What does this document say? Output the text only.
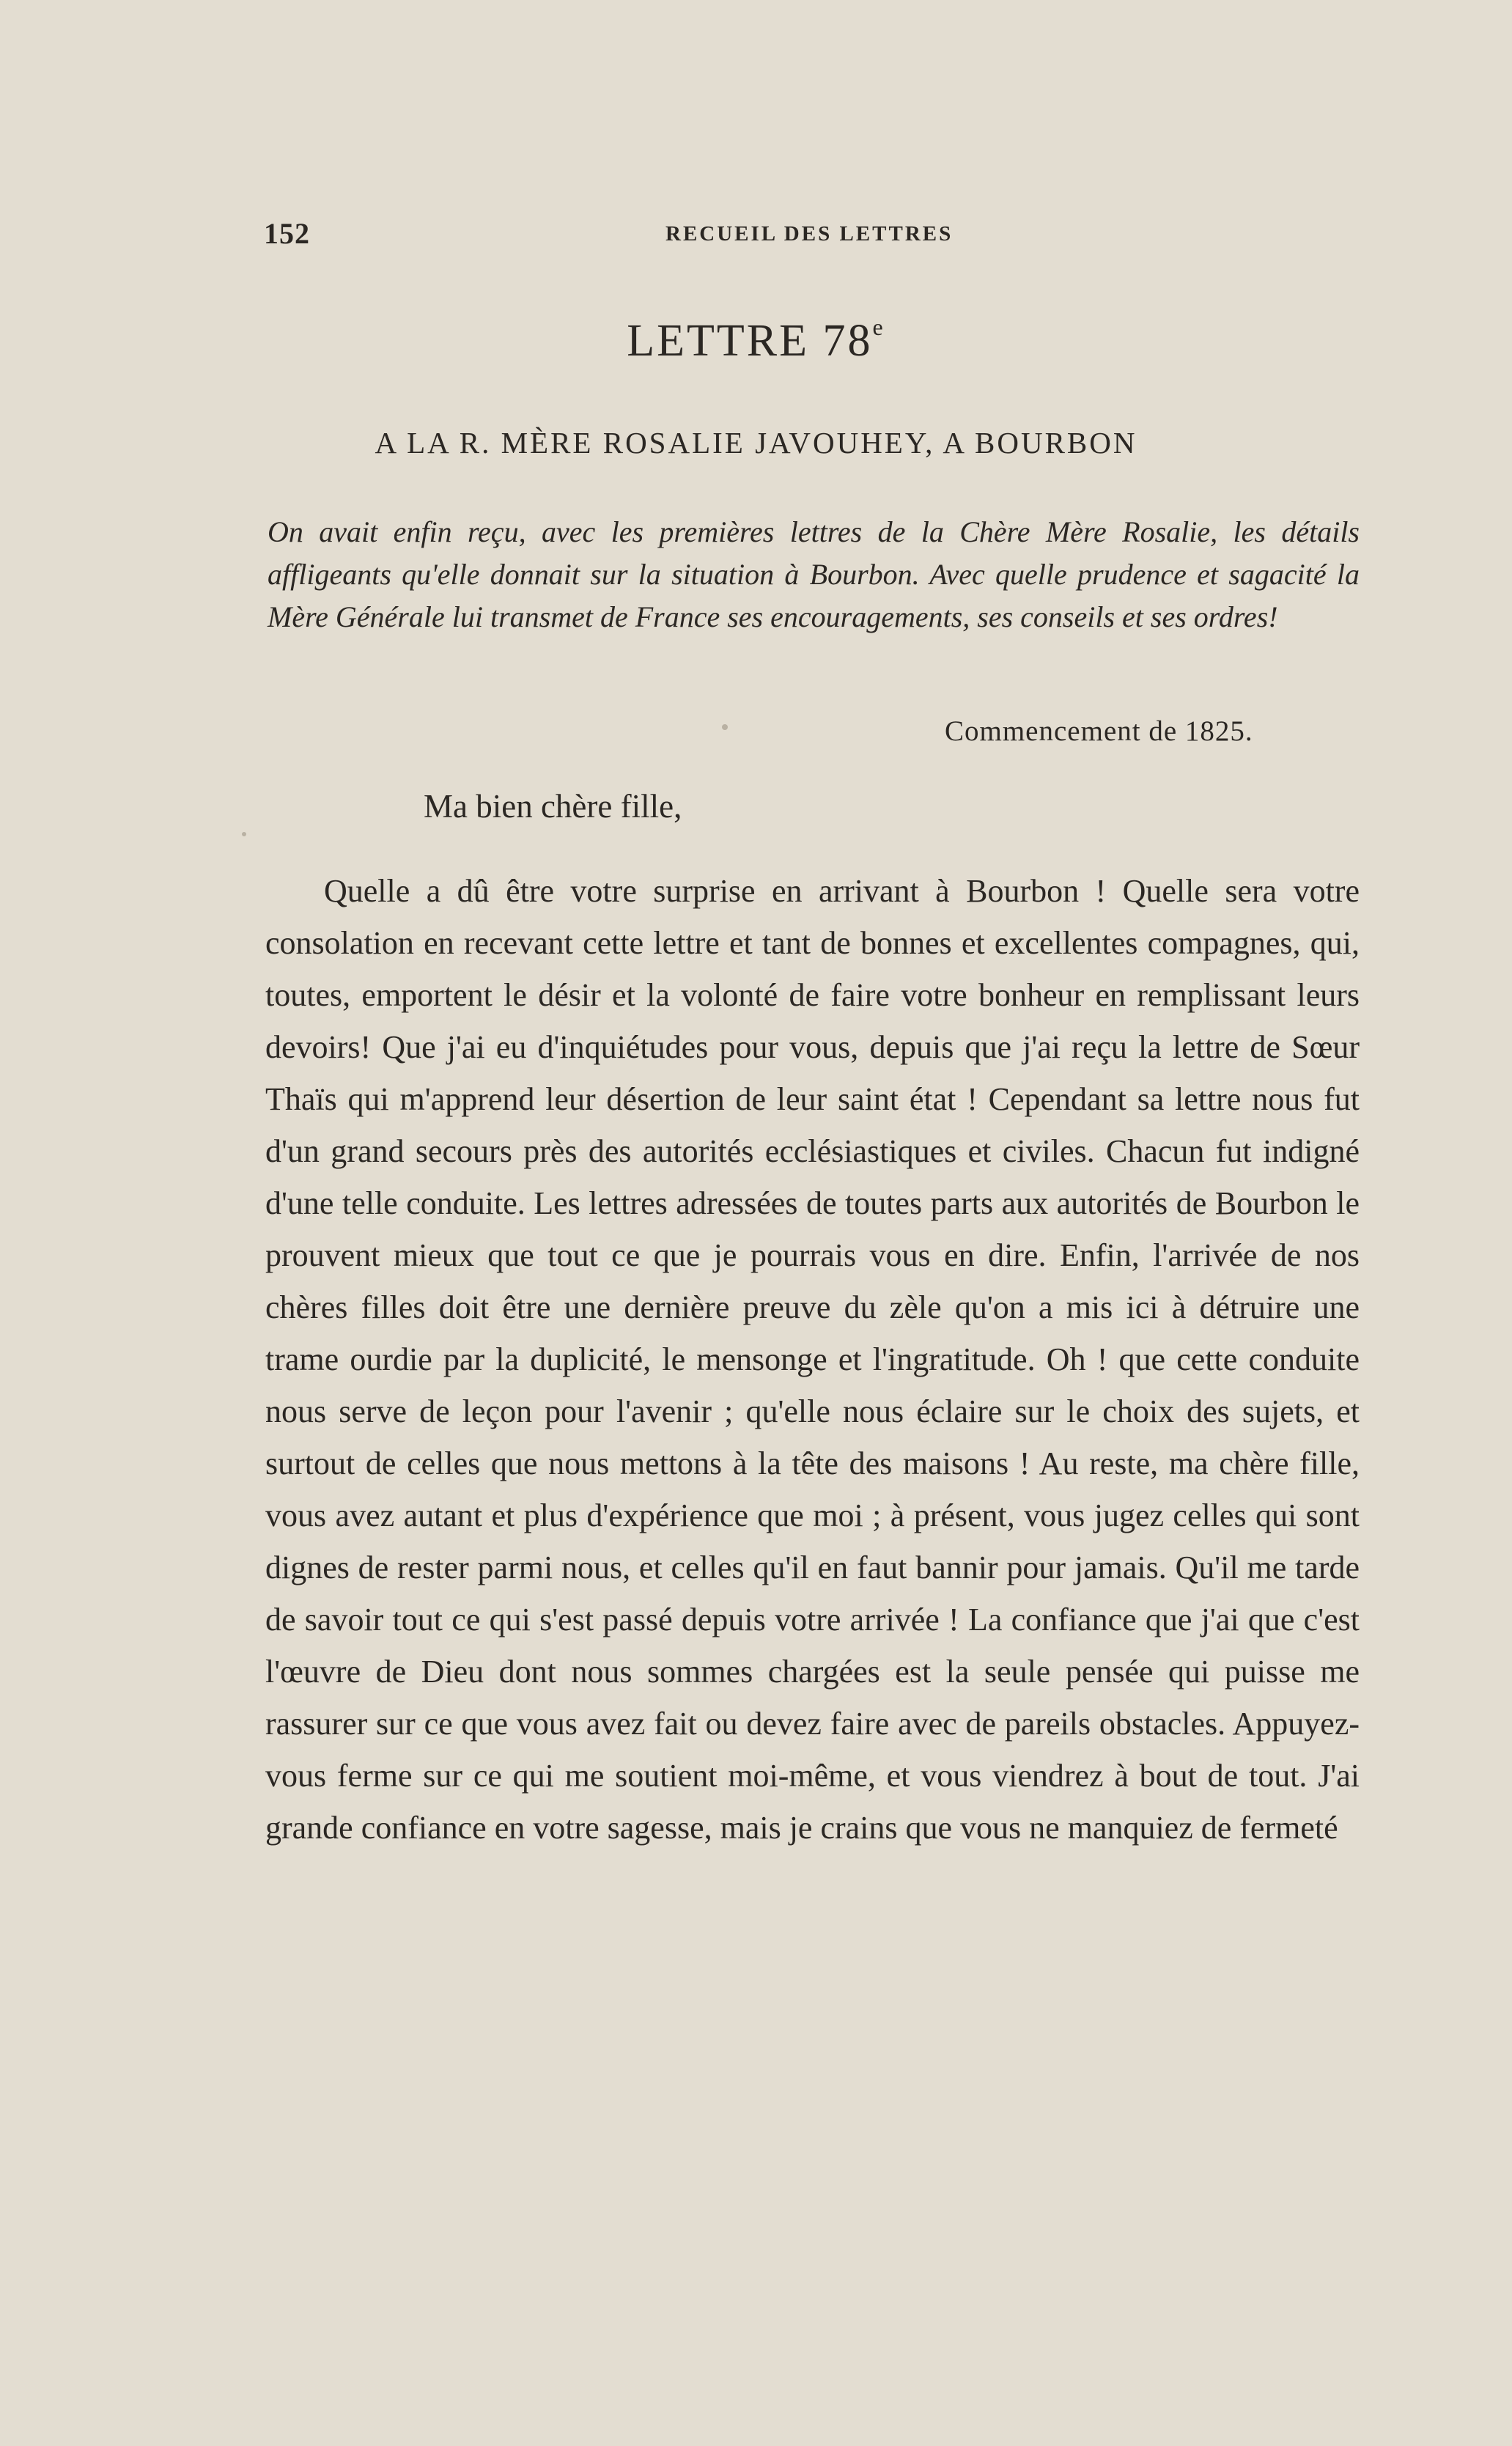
152	RECUEIL DES LETTRES
LETTRE 78e
A LA R. MÈRE ROSALIE JAVOUHEY, A BOURBON

On avait enfin reçu, avec les premières lettres de la Chère Mère Rosalie, les détails affligeants qu'elle donnait sur la situation à Bourbon. Avec quelle prudence et sagacité la Mère Générale lui transmet de France ses encouragements, ses conseils et ses ordres!

Commencement de 1825.
Ma bien chère fille,

Quelle a dû être votre surprise en arrivant à Bourbon ! Quelle sera votre consolation en recevant cette lettre et tant de bonnes et excellentes compagnes, qui, toutes, emportent le désir et la volonté de faire votre bonheur en remplissant leurs devoirs! Que j'ai eu d'inquiétudes pour vous, depuis que j'ai reçu la lettre de Sœur Thaïs qui m'apprend leur désertion de leur saint état ! Cependant sa lettre nous fut d'un grand secours près des autorités ecclésiastiques et civiles. Chacun fut indigné d'une telle conduite. Les lettres adressées de toutes parts aux autorités de Bourbon le prouvent mieux que tout ce que je pourrais vous en dire. Enfin, l'arrivée de nos chères filles doit être une dernière preuve du zèle qu'on a mis ici à détruire une trame ourdie par la duplicité, le mensonge et l'ingratitude. Oh ! que cette conduite nous serve de leçon pour l'avenir ; qu'elle nous éclaire sur le choix des sujets, et surtout de celles que nous mettons à la tête des maisons ! Au reste, ma chère fille, vous avez autant et plus d'expérience que moi ; à présent, vous jugez celles qui sont dignes de rester parmi nous, et celles qu'il en faut bannir pour jamais. Qu'il me tarde de savoir tout ce qui s'est passé depuis votre arrivée ! La confiance que j'ai que c'est l'œuvre de Dieu dont nous sommes chargées est la seule pensée qui puisse me rassurer sur ce que vous avez fait ou devez faire avec de pareils obstacles. Appuyez-vous ferme sur ce qui me soutient moi-même, et vous viendrez à bout de tout. J'ai grande confiance en votre sagesse, mais je crains que vous ne manquiez de fermeté
